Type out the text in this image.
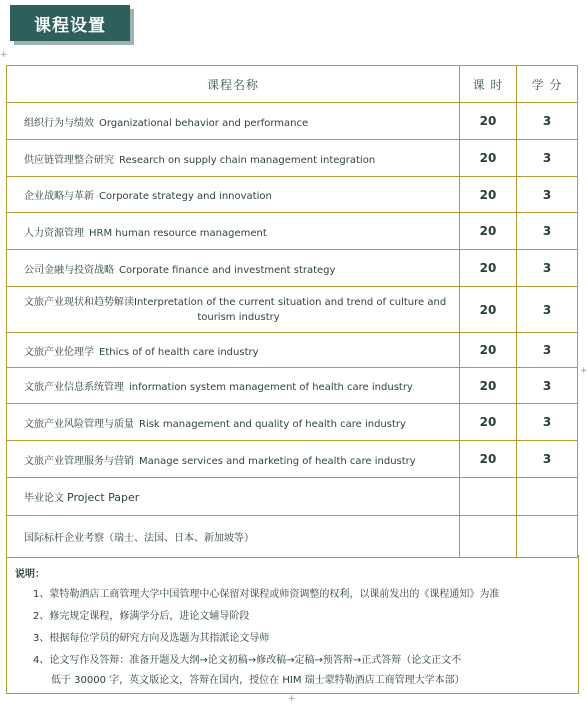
课程设置
+
+
课程名称	课 时	学 分
组织行为与绩效 Organizational behavior and performance	20	3
供应链管理整合研究 Research on supply chain management integration	20	3
企业战略与革新 Corporate strategy and innovation	20	3
人力资源管理 HRM human resource management	20	3
公司金融与投资战略 Corporate finance and investment strategy	20	3

文旅产业现状和趋势解读Interpretation of the current situation and trend of culture and
tourism industry	20	3
文旅产业伦理学 Ethics of of health care industry	20	3
文旅产业信息系统管理 information system management of health care industry	20	3
文旅产业风险管理与质量 Risk management and quality of health care industry	20	3
文旅产业管理服务与营销 Manage services and marketing of health care industry	20	3
毕业论文 Project Paper		
国际标杆企业考察（瑞士、法国、日本、新加坡等）		
说明：
1、蒙特勒酒店工商管理大学中国管理中心保留对课程或师资调整的权利，以课前发出的《课程通知》为准
2、修完规定课程，修满学分后，进论文辅导阶段
3、根据每位学员的研究方向及选题为其指派论文导师
4、论文写作及答辩：准备开题及大纲→论文初稿→修改稿→定稿→预答辩→正式答辩（论文正文不
低于 30000 字，英文版论文，答辩在国内，授位在 HIM 瑞士蒙特勒酒店工商管理大学本部）
+
